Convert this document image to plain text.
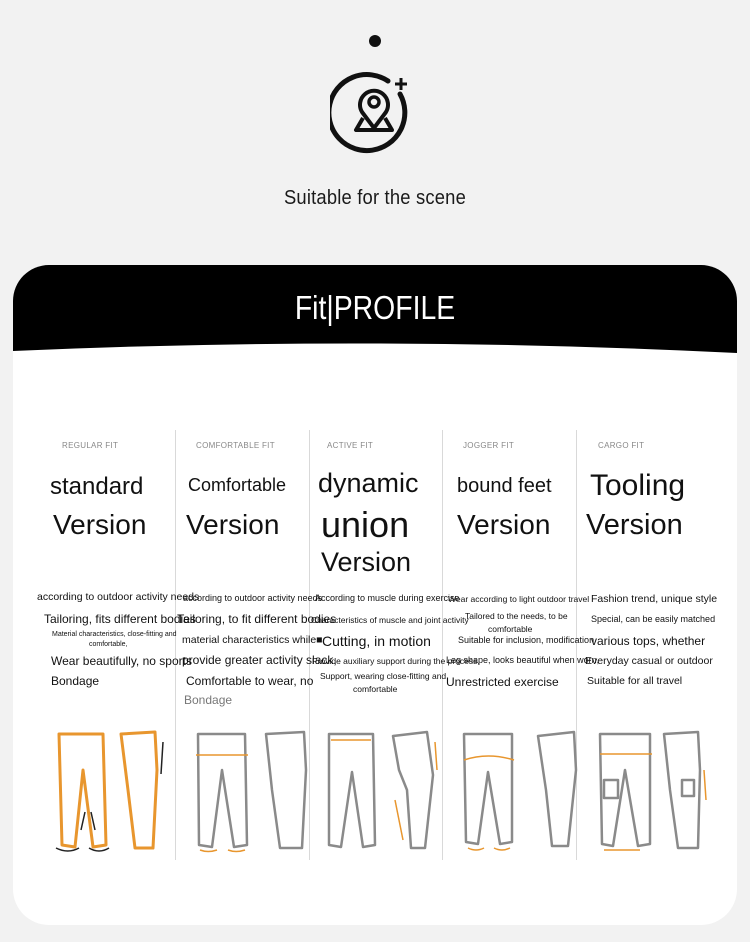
Suitable for the scene
Fit|PROFILE
REGULAR FIT
standard
Version
according to outdoor activity needs
Tailoring, fits different bodies
Material characteristics, close-fitting and
comfortable,
Wear beautifully, no sports
Bondage
COMFORTABLE FIT
Comfortable
Version
according to outdoor activity needs
Tailoring, to fit different bodies
material characteristics while■
provide greater activity slack,
Comfortable to wear, no
Bondage
ACTIVE FIT
dynamic
union
Version
According to muscle during exercise
Characteristics of muscle and joint activity
Cutting, in motion
Provide auxiliary support during the process,
Support, wearing close-fitting and
comfortable
JOGGER FIT
bound feet
Version
Wear according to light outdoor travel
Tailored to the needs, to be
comfortable
Suitable for inclusion, modification
Leg shape, looks beautiful when worn,
Unrestricted exercise
CARGO FIT
Tooling
Version
Fashion trend, unique style
Special, can be easily matched
various tops, whether
Everyday casual or outdoor
Suitable for all travel
